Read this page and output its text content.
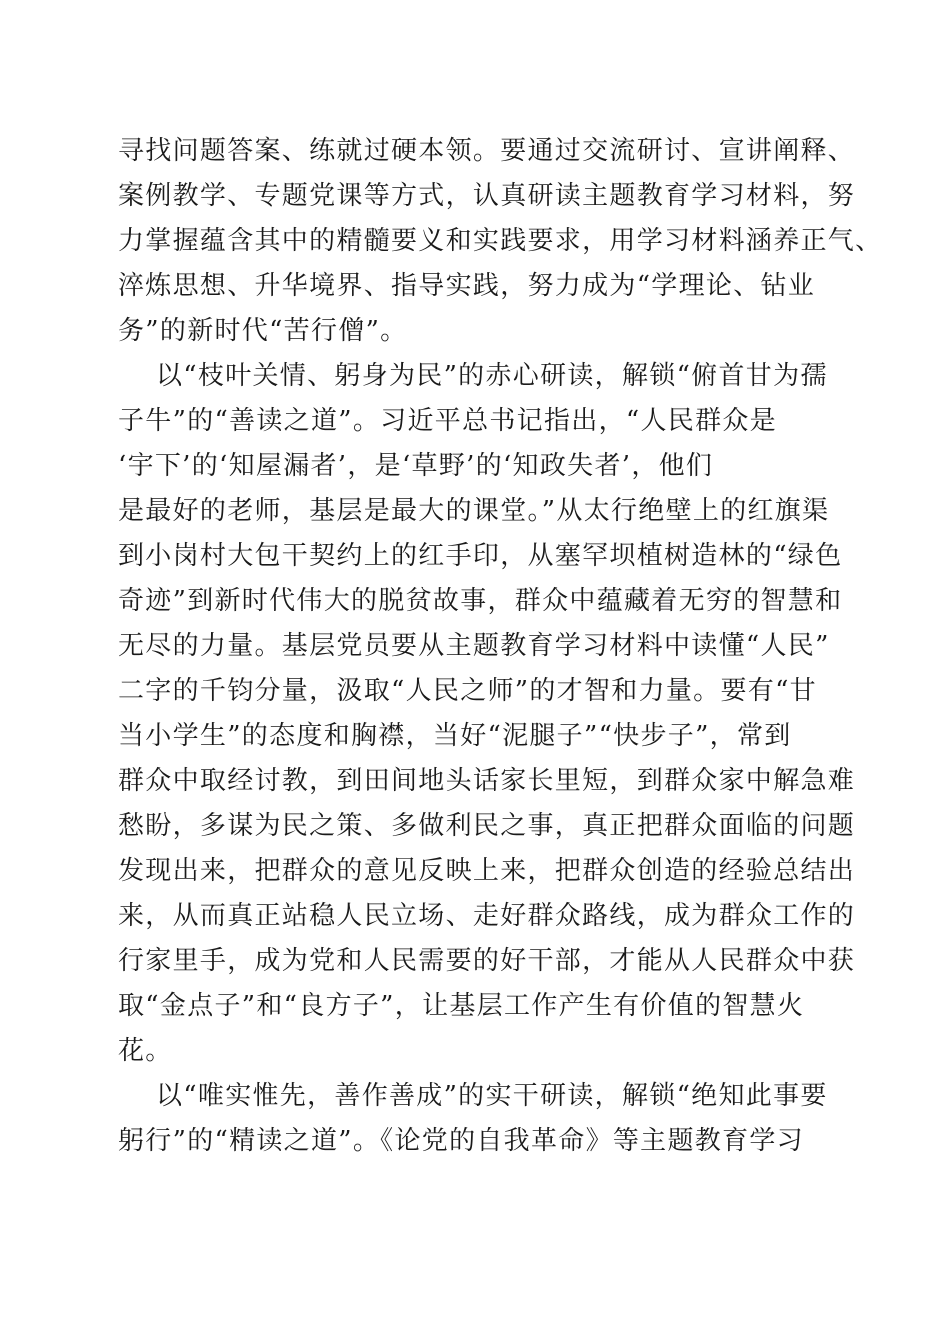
寻找问题答案、练就过硬本领。要通过交流研讨、宣讲阐释、
案例教学、专题党课等方式，认真研读主题教育学习材料，努
力掌握蕴含其中的精髓要义和实践要求，用学习材料涵养正气、
淬炼思想、升华境界、指导实践，努力成为“学理论、钻业
务”的新时代“苦行僧”。
以“枝叶关情、躬身为民”的赤心研读，解锁“俯首甘为孺
子牛”的“善读之道”。习近平总书记指出，“人民群众是
‘宇下’的‘知屋漏者’，是‘草野’的‘知政失者’，他们
是最好的老师，基层是最大的课堂。”从太行绝壁上的红旗渠
到小岗村大包干契约上的红手印，从塞罕坝植树造林的“绿色
奇迹”到新时代伟大的脱贫故事，群众中蕴藏着无穷的智慧和
无尽的力量。基层党员要从主题教育学习材料中读懂“人民”
二字的千钧分量，汲取“人民之师”的才智和力量。要有“甘
当小学生”的态度和胸襟，当好“泥腿子”“快步子”，常到
群众中取经讨教，到田间地头话家长里短，到群众家中解急难
愁盼，多谋为民之策、多做利民之事，真正把群众面临的问题
发现出来，把群众的意见反映上来，把群众创造的经验总结出
来，从而真正站稳人民立场、走好群众路线，成为群众工作的
行家里手，成为党和人民需要的好干部，才能从人民群众中获
取“金点子”和“良方子”，让基层工作产生有价值的智慧火
花。
以“唯实惟先，善作善成”的实干研读，解锁“绝知此事要
躬行”的“精读之道”。《论党的自我革命》等主题教育学习
